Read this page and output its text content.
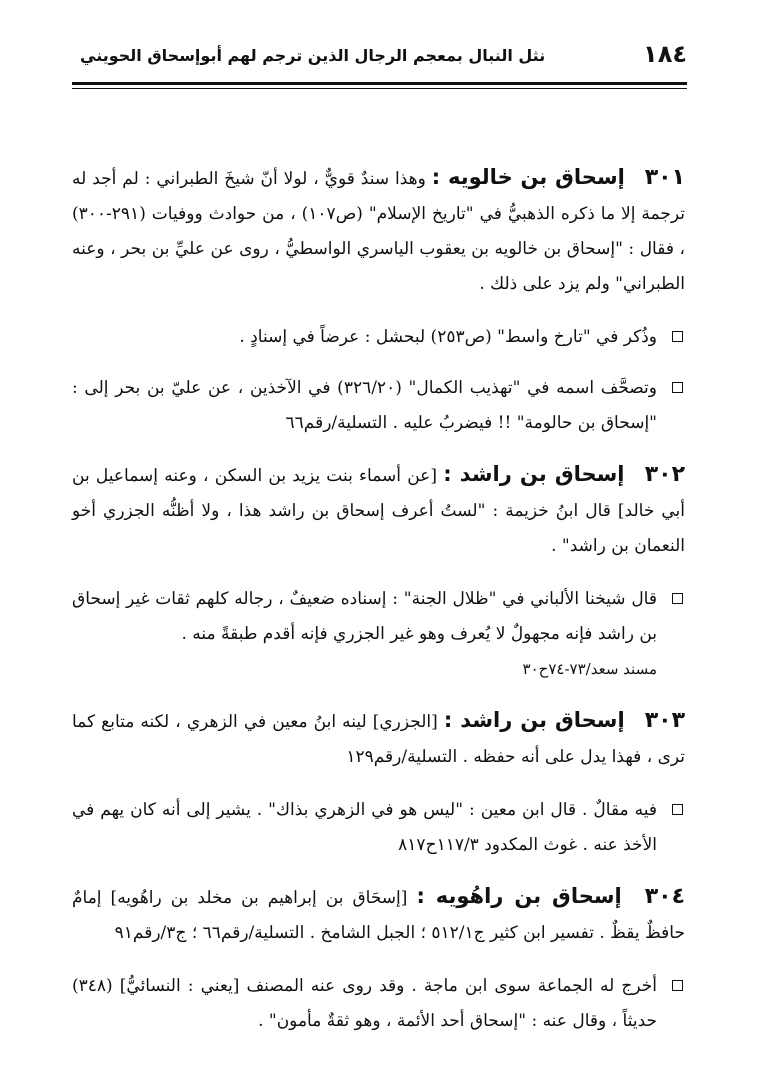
١٨٤
نثل النبال بمعجم الرجال الذين ترجم لهم أبوإسحاق الحويني

٣٠١ إسحاق بن خالويه : وهذا سندٌ قويٌّ ، لولا أنّ شيخَ الطبراني : لم أجد له ترجمة إلا ما ذكره الذهبيُّ في "تاريخ الإسلام" (ص١٠٧) ، من حوادث ووفيات (٢٩١-٣٠٠) ، فقال : "إسحاق بن خالويه بن يعقوب الياسري الواسطيُّ ، روى عن عليِّ بن بحر ، وعنه الطبراني" ولم يزد على ذلك .

وذُكر في "تارخ واسط" (ص٢٥٣) لبحشل : عرضاً في إسنادٍ .
وتصحَّف اسمه في "تهذيب الكمال" (٣٢٦/٢٠) في الآخذين ، عن عليّ بن بحر إلى : "إسحاق بن حالومة" !! فيضربُ عليه . التسلية/رقم٦٦

٣٠٢ إسحاق بن راشد : [عن أسماء بنت يزيد بن السكن ، وعنه إسماعيل بن أبي خالد] قال ابنُ خزيمة : "لستُ أعرف إسحاق بن راشد هذا ، ولا أظنُّه الجزري أخو النعمان بن راشد" .

قال شيخنا الألباني في "ظلال الجنة" : إسناده ضعيفٌ ، رجاله كلهم ثقات غير إسحاق بن راشد فإنه مجهولٌ لا يُعرف وهو غير الجزري فإنه أقدم طبقةً منه .
مسند سعد/٧٣-٧٤ح٣٠

٣٠٣ إسحاق بن راشد : [الجزري] لينه ابنُ معين في الزهري ، لكنه متابع كما ترى ، فهذا يدل على أنه حفظه . التسلية/رقم١٢٩

فيه مقالٌ . قال ابن معين : "ليس هو في الزهري بذاك" . يشير إلى أنه كان يهم في الأخذ عنه . غوث المكدود ١١٧/٣ح٨١٧

٣٠٤ إسحاق بن راهُويه : [إسحَاق بن إبراهيم بن مخلد بن راهُويه] إمامٌ حافظٌ يقظٌ . تفسير ابن كثير ج٥١٢/١ ؛ الجبل الشامخ . التسلية/رقم٦٦ ؛ ج٣/رقم٩١

أخرج له الجماعة سوى ابن ماجة . وقد روى عنه المصنف [يعني : النسائيُّ] (٣٤٨) حديثاً ، وقال عنه : "إسحاق أحد الأئمة ، وهو ثقةٌ مأمون" .
